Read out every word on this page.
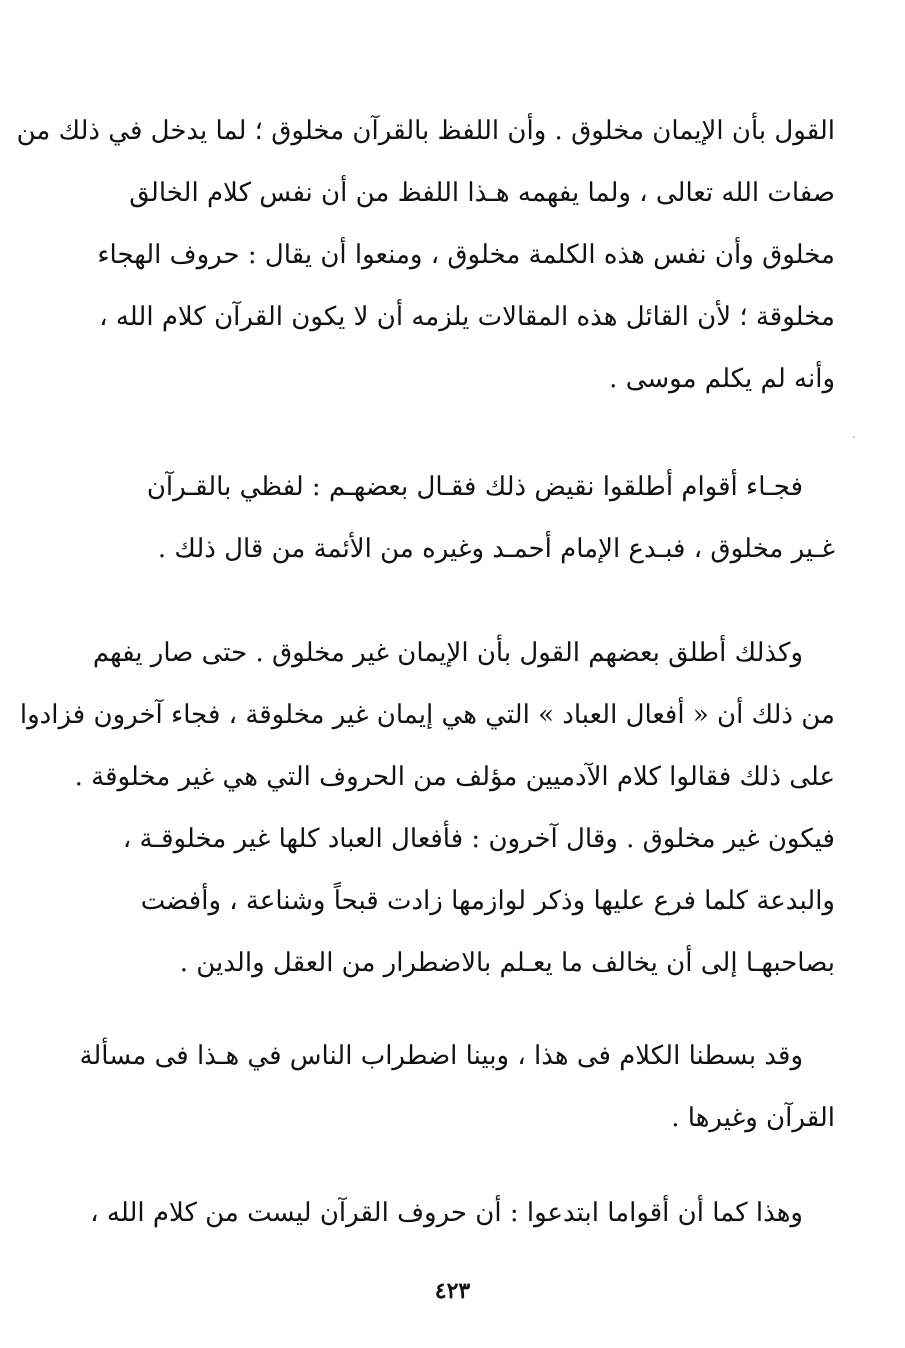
القول بأن الإيمان مخلوق . وأن اللفظ بالقرآن مخلوق ؛ لما يدخل في ذلك من
صفات الله تعالى ، ولما يفهمه هـذا اللفظ من أن نفس كلام الخالق
مخلوق وأن نفس هذه الكلمة مخلوق ، ومنعوا أن يقال : حروف الهجاء
مخلوقة ؛ لأن القائل هذه المقالات يلزمه أن لا يكون القرآن كلام الله ،
وأنه لم يكلم موسى .
فجـاء أقوام أطلقوا نقيض ذلك فقـال بعضهـم : لفظي بالقـرآن
غـير مخلوق ، فبـدع الإمام أحمـد وغيره من الأئمة من قال ذلك .
وكذلك أطلق بعضهم القول بأن الإيمان غير مخلوق . حتى صار يفهم
من ذلك أن « أفعال العباد » التي هي إيمان غير مخلوقة ، فجاء آخرون فزادوا
على ذلك فقالوا كلام الآدميين مؤلف من الحروف التي هي غير مخلوقة .
فيكون غير مخلوق . وقال آخرون : فأفعال العباد كلها غير مخلوقـة ،
والبدعة كلما فرع عليها وذكر لوازمها زادت قبحاً وشناعة ، وأفضت
بصاحبهـا إلى أن يخالف ما يعـلم بالاضطرار من العقل والدين .
وقد بسطنا الكلام فى هذا ، وبينا اضطراب الناس في هـذا فى مسألة
القرآن وغيرها .
وهذا كما أن أقواما ابتدعوا : أن حروف القرآن ليست من كلام الله ،
٤٢٣
